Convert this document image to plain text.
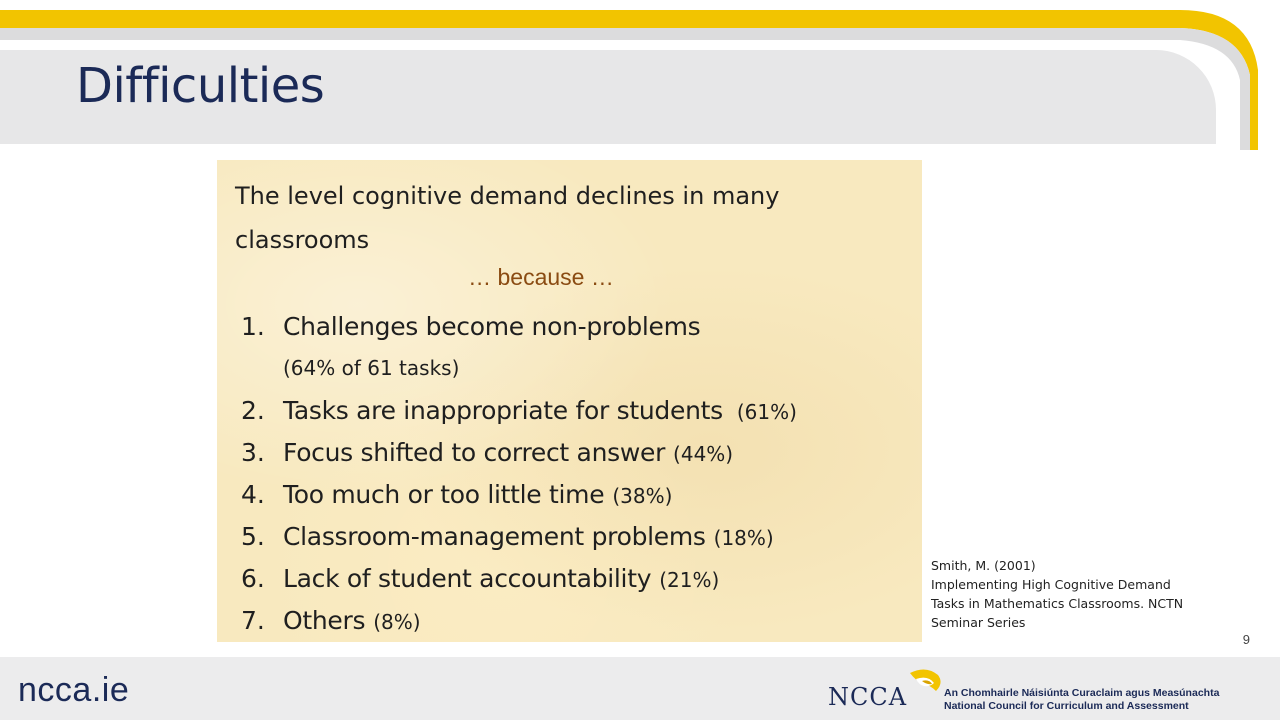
Difficulties
The level cognitive demand declines in many classrooms
… because …
1. Challenges become non-problems
2. Tasks are inappropriate for students (61%)
3. Focus shifted to correct answer (44%)
4. Too much or too little time (38%)
5. Classroom-management problems (18%)
6. Lack of student accountability (21%)
7. Others (8%)
(64% of 61 tasks)
Smith, M. (2001)
Implementing High Cognitive Demand
Tasks in Mathematics Classrooms. NCTN
Seminar Series
9
ncca.ie	NCCA	An Chomhairle Náisiúnta Curaclaim agus Measúnachta
National Council for Curriculum and Assessment
